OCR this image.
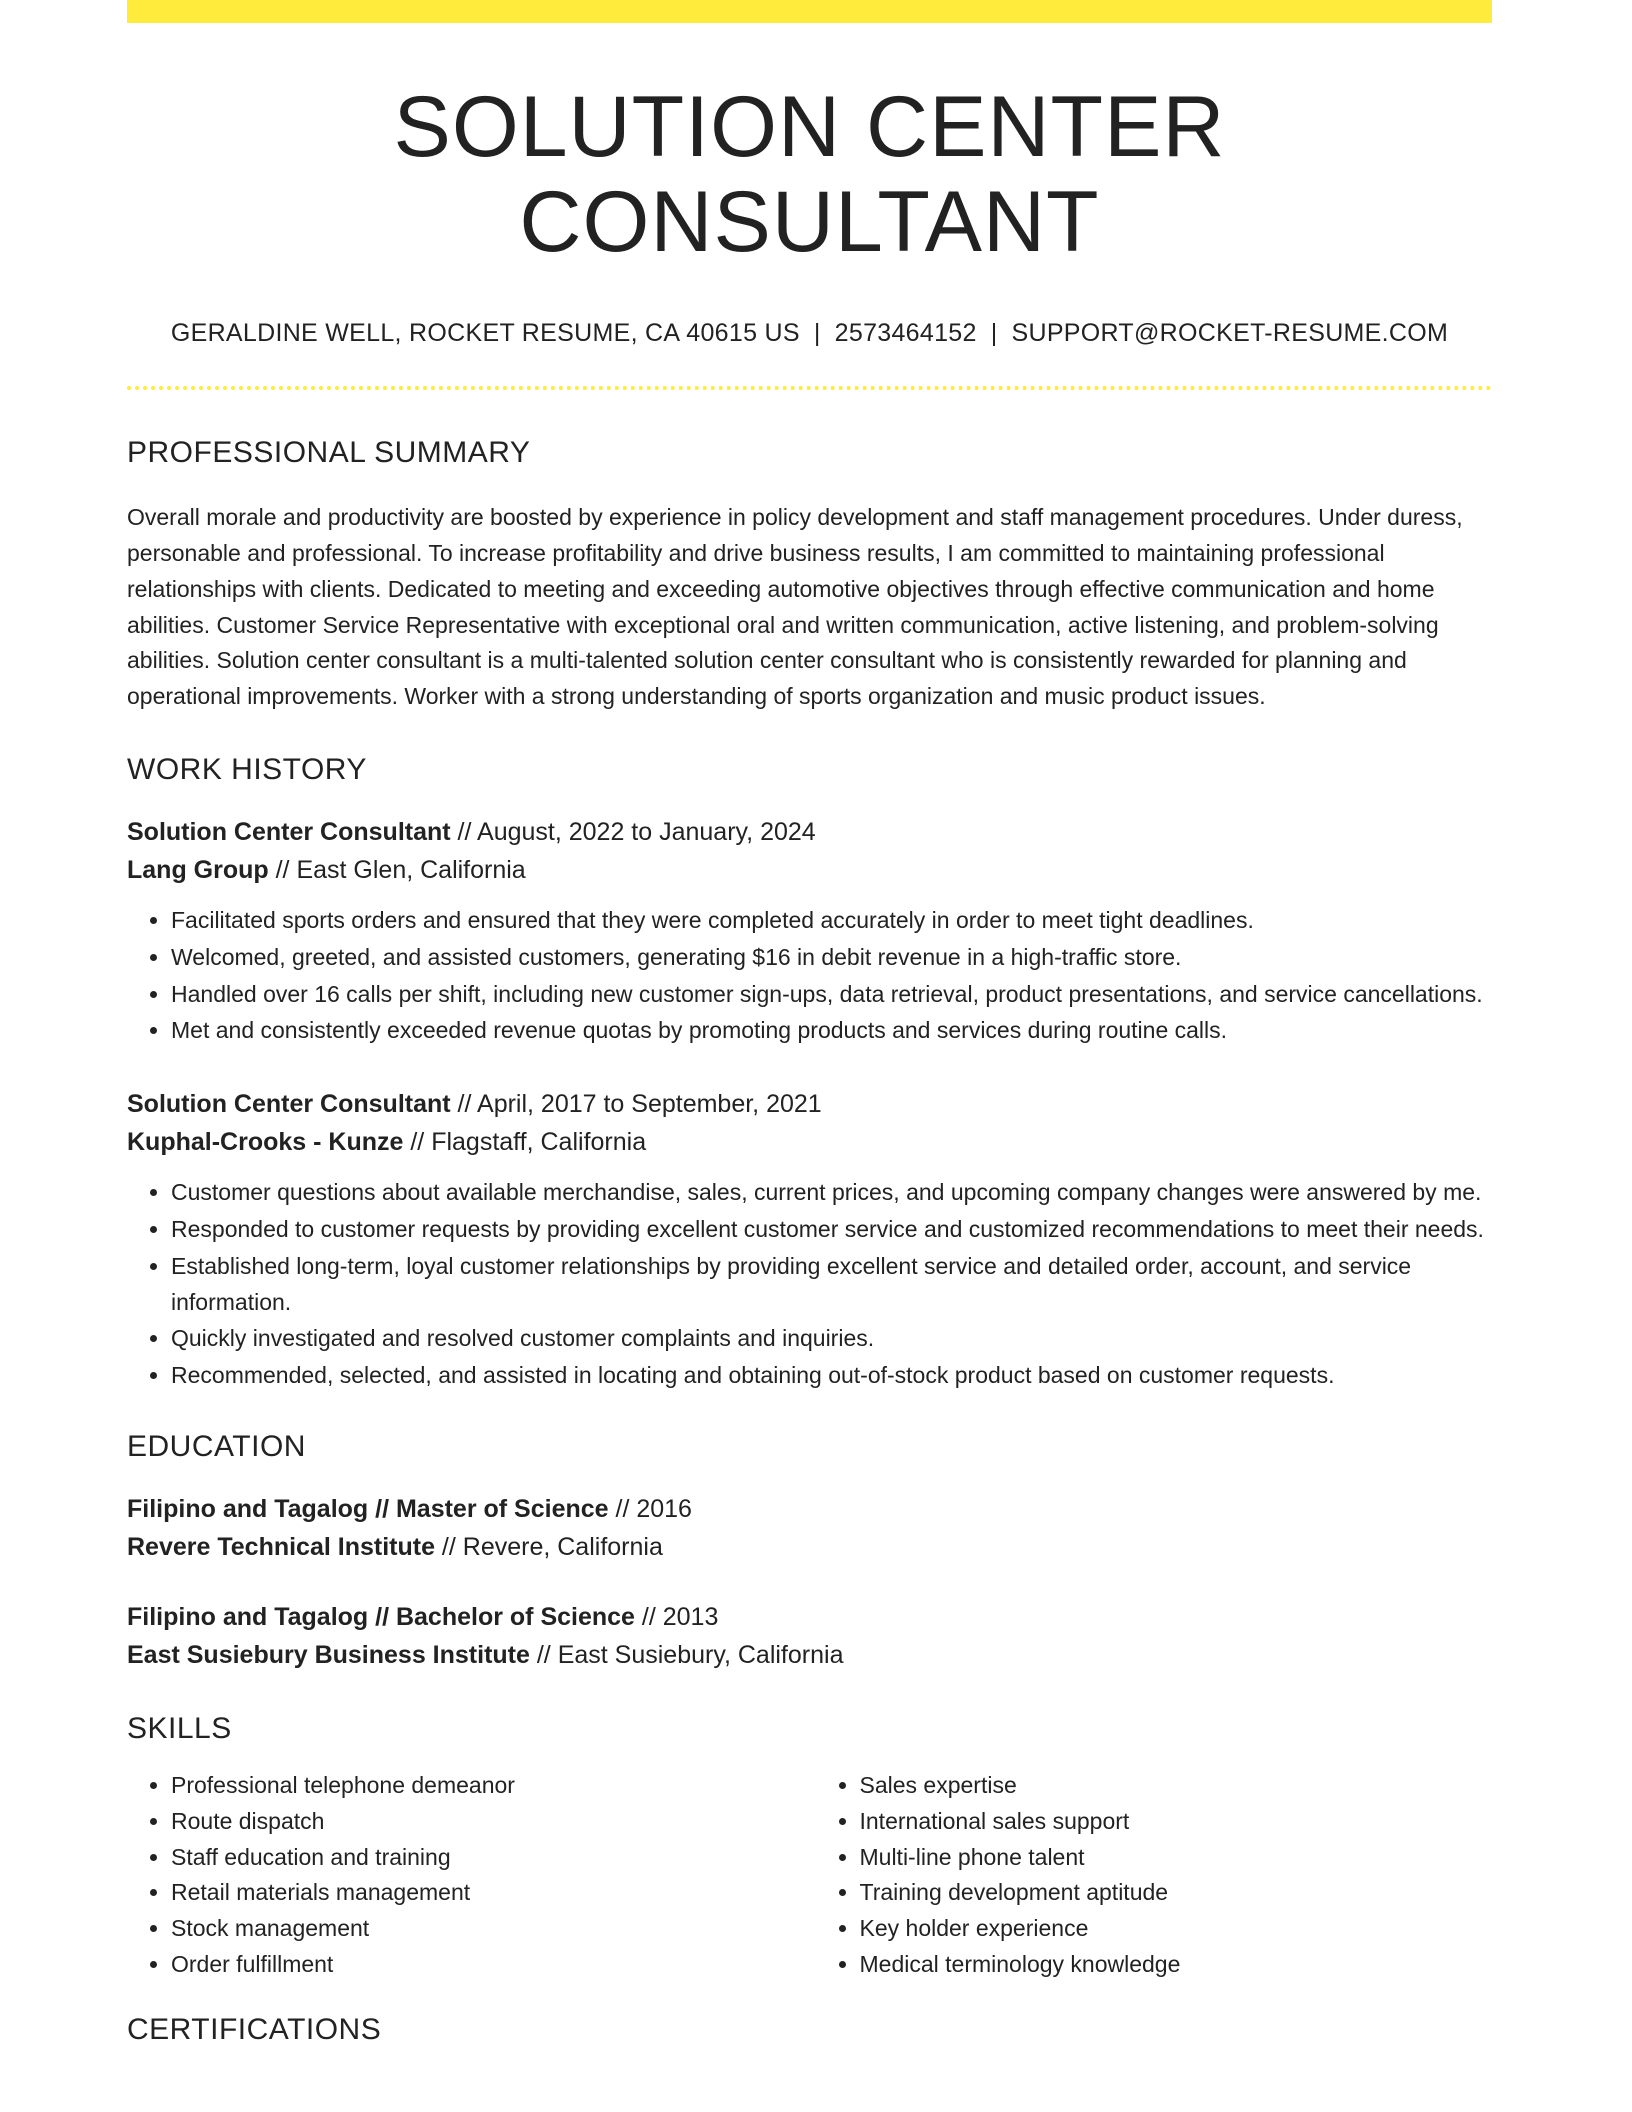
SOLUTION CENTER CONSULTANT
GERALDINE WELL, ROCKET RESUME, CA 40615 US | 2573464152 | SUPPORT@ROCKET-RESUME.COM
PROFESSIONAL SUMMARY

Overall morale and productivity are boosted by experience in policy development and staff management procedures. Under duress, personable and professional. To increase profitability and drive business results, I am committed to maintaining professional relationships with clients. Dedicated to meeting and exceeding automotive objectives through effective communication and home abilities. Customer Service Representative with exceptional oral and written communication, active listening, and problem-solving abilities. Solution center consultant is a multi-talented solution center consultant who is consistently rewarded for planning and operational improvements. Worker with a strong understanding of sports organization and music product issues.

WORK HISTORY
Solution Center Consultant // August, 2022 to January, 2024
Lang Group // East Glen, California
• Facilitated sports orders and ensured that they were completed accurately in order to meet tight deadlines.
• Welcomed, greeted, and assisted customers, generating $16 in debit revenue in a high-traffic store.
• Handled over 16 calls per shift, including new customer sign-ups, data retrieval, product presentations, and service cancellations.
• Met and consistently exceeded revenue quotas by promoting products and services during routine calls.
Solution Center Consultant // April, 2017 to September, 2021
Kuphal-Crooks - Kunze // Flagstaff, California
• Customer questions about available merchandise, sales, current prices, and upcoming company changes were answered by me.
• Responded to customer requests by providing excellent customer service and customized recommendations to meet their needs.
• Established long-term, loyal customer relationships by providing excellent service and detailed order, account, and service information.
• Quickly investigated and resolved customer complaints and inquiries.
• Recommended, selected, and assisted in locating and obtaining out-of-stock product based on customer requests.
EDUCATION
Filipino and Tagalog // Master of Science // 2016
Revere Technical Institute // Revere, California
Filipino and Tagalog // Bachelor of Science // 2013
East Susiebury Business Institute // East Susiebury, California
SKILLS
• Professional telephone demeanor
• Route dispatch
• Staff education and training
• Retail materials management
• Stock management
• Order fulfillment
• Sales expertise
• International sales support
• Multi-line phone talent
• Training development aptitude
• Key holder experience
• Medical terminology knowledge
CERTIFICATIONS
